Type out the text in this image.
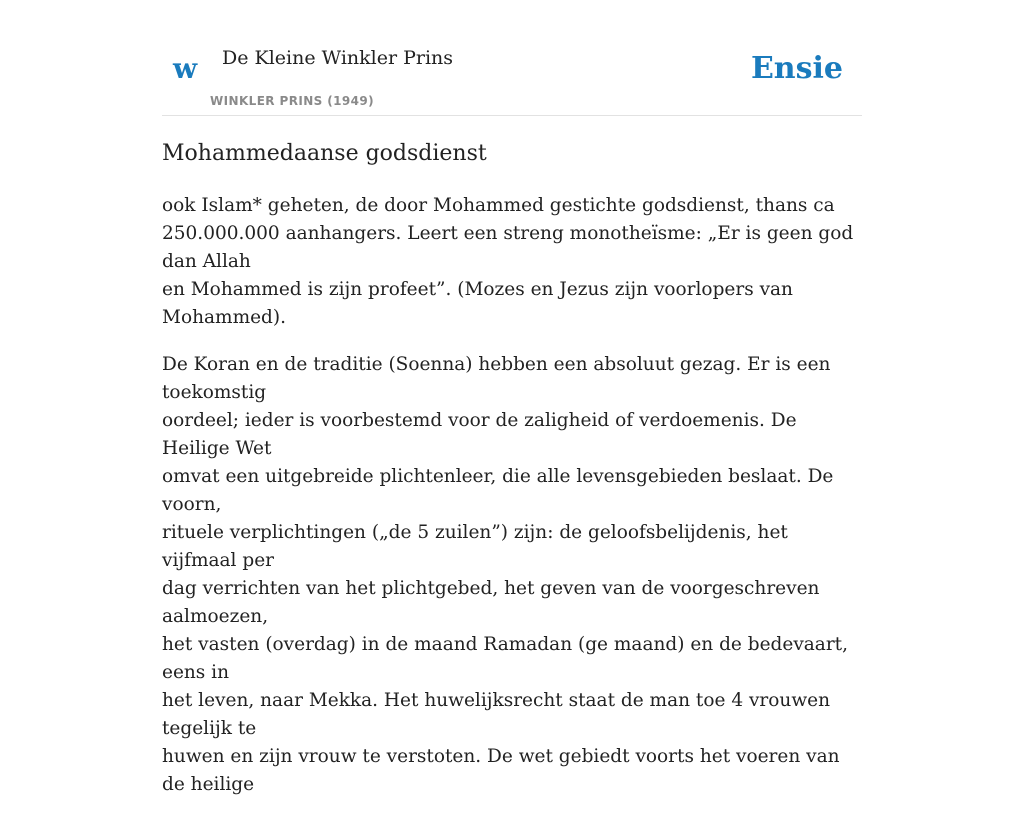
w De Kleine Winkler Prins
WINKLER PRINS (1949)
Ensie
Mohammedaanse godsdienst

ook Islam* geheten, de door Mohammed gestichte godsdienst, thans ca
250.000.000 aanhangers. Leert een streng monotheïsme: „Er is geen god dan Allah
en Mohammed is zijn profeet”. (Mozes en Jezus zijn voorlopers van Mohammed).

De Koran en de traditie (Soenna) hebben een absoluut gezag. Er is een toekomstig
oordeel; ieder is voorbestemd voor de zaligheid of verdoemenis. De Heilige Wet
omvat een uitgebreide plichtenleer, die alle levensgebieden beslaat. De voorn,
rituele verplichtingen („de 5 zuilen”) zijn: de geloofsbelijdenis, het vijfmaal per
dag verrichten van het plichtgebed, het geven van de voorgeschreven aalmoezen,
het vasten (overdag) in de maand Ramadan (ge maand) en de bedevaart, eens in
het leven, naar Mekka. Het huwelijksrecht staat de man toe 4 vrouwen tegelijk te
huwen en zijn vrouw te verstoten. De wet gebiedt voorts het voeren van de heilige
